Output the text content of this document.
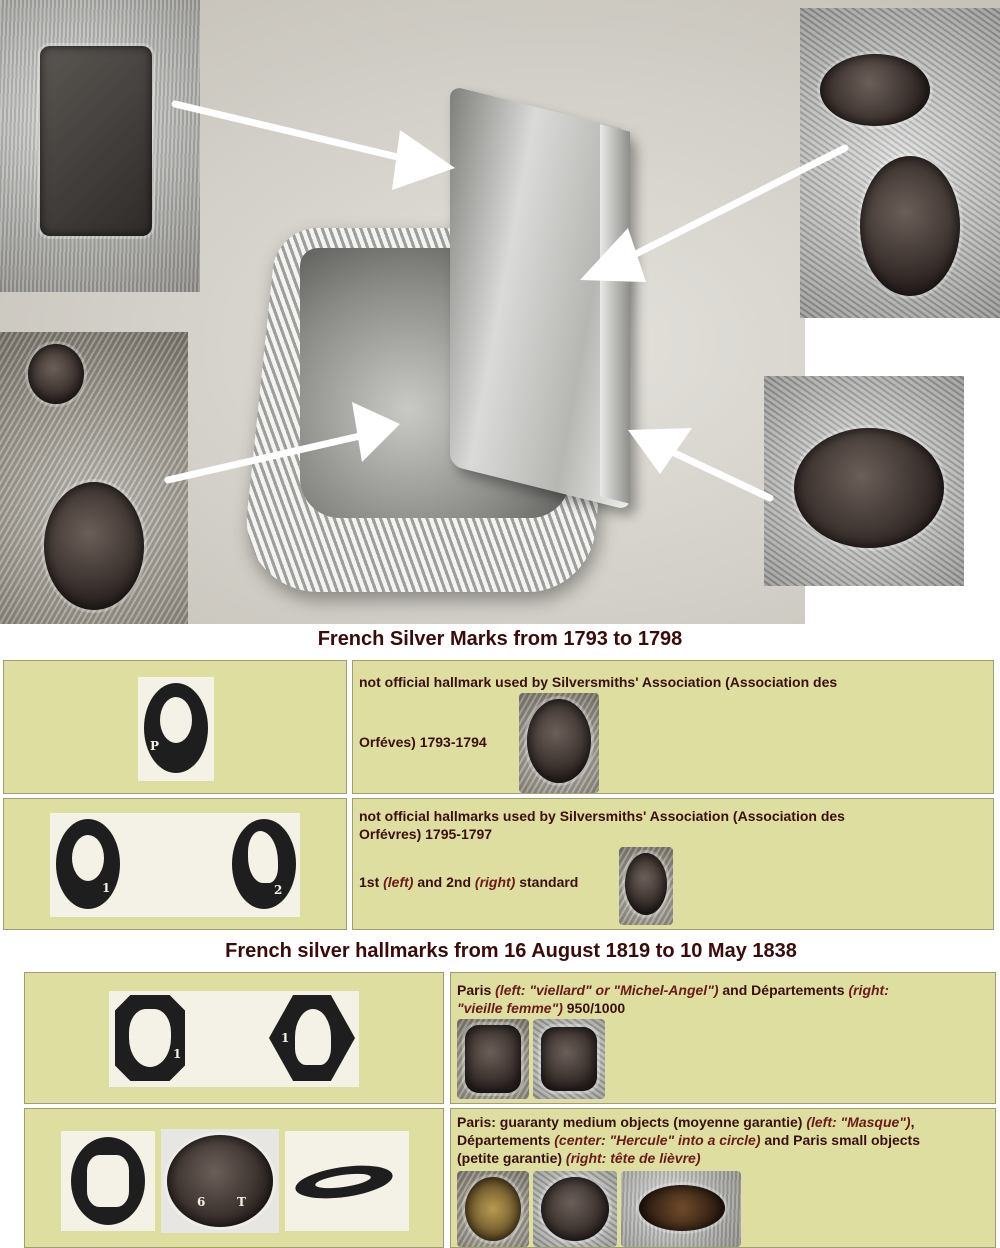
French Silver Marks from 1793 to 1798
P
not official hallmark used by Silversmiths' Association (Association des
Orféves) 1793-1794
1	2
not official hallmarks used by Silversmiths' Association (Association des
Orfévres) 1795-1797
1st (left) and 2nd (right) standard
French silver hallmarks from 16 August 1819 to 10 May 1838
1
1
Paris (left: "viellard" or "Michel-Angel") and Départements (right:
"vieille femme") 950/1000
6	T
Paris: guaranty medium objects (moyenne garantie) (left: "Masque"),
Départements (center: "Hercule" into a circle) and Paris small objects
(petite garantie) (right: tête de lièvre)
